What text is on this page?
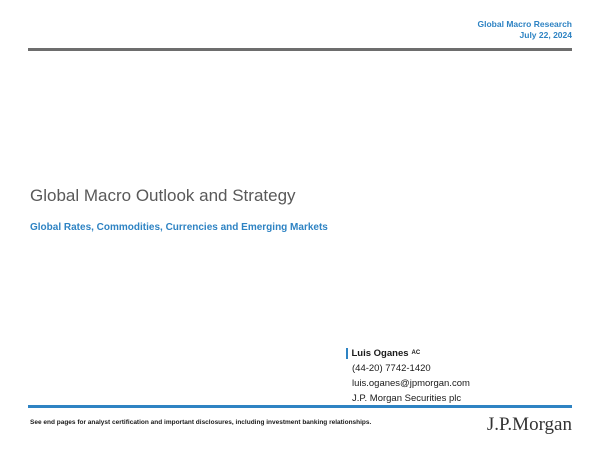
Global Macro Research
July 22, 2024
Global Macro Outlook and Strategy
Global Rates, Commodities, Currencies and Emerging Markets
Luis Oganes AC
(44-20) 7742-1420
luis.oganes@jpmorgan.com
J.P. Morgan Securities plc
See end pages for analyst certification and important disclosures, including investment banking relationships.	J.P.Morgan
